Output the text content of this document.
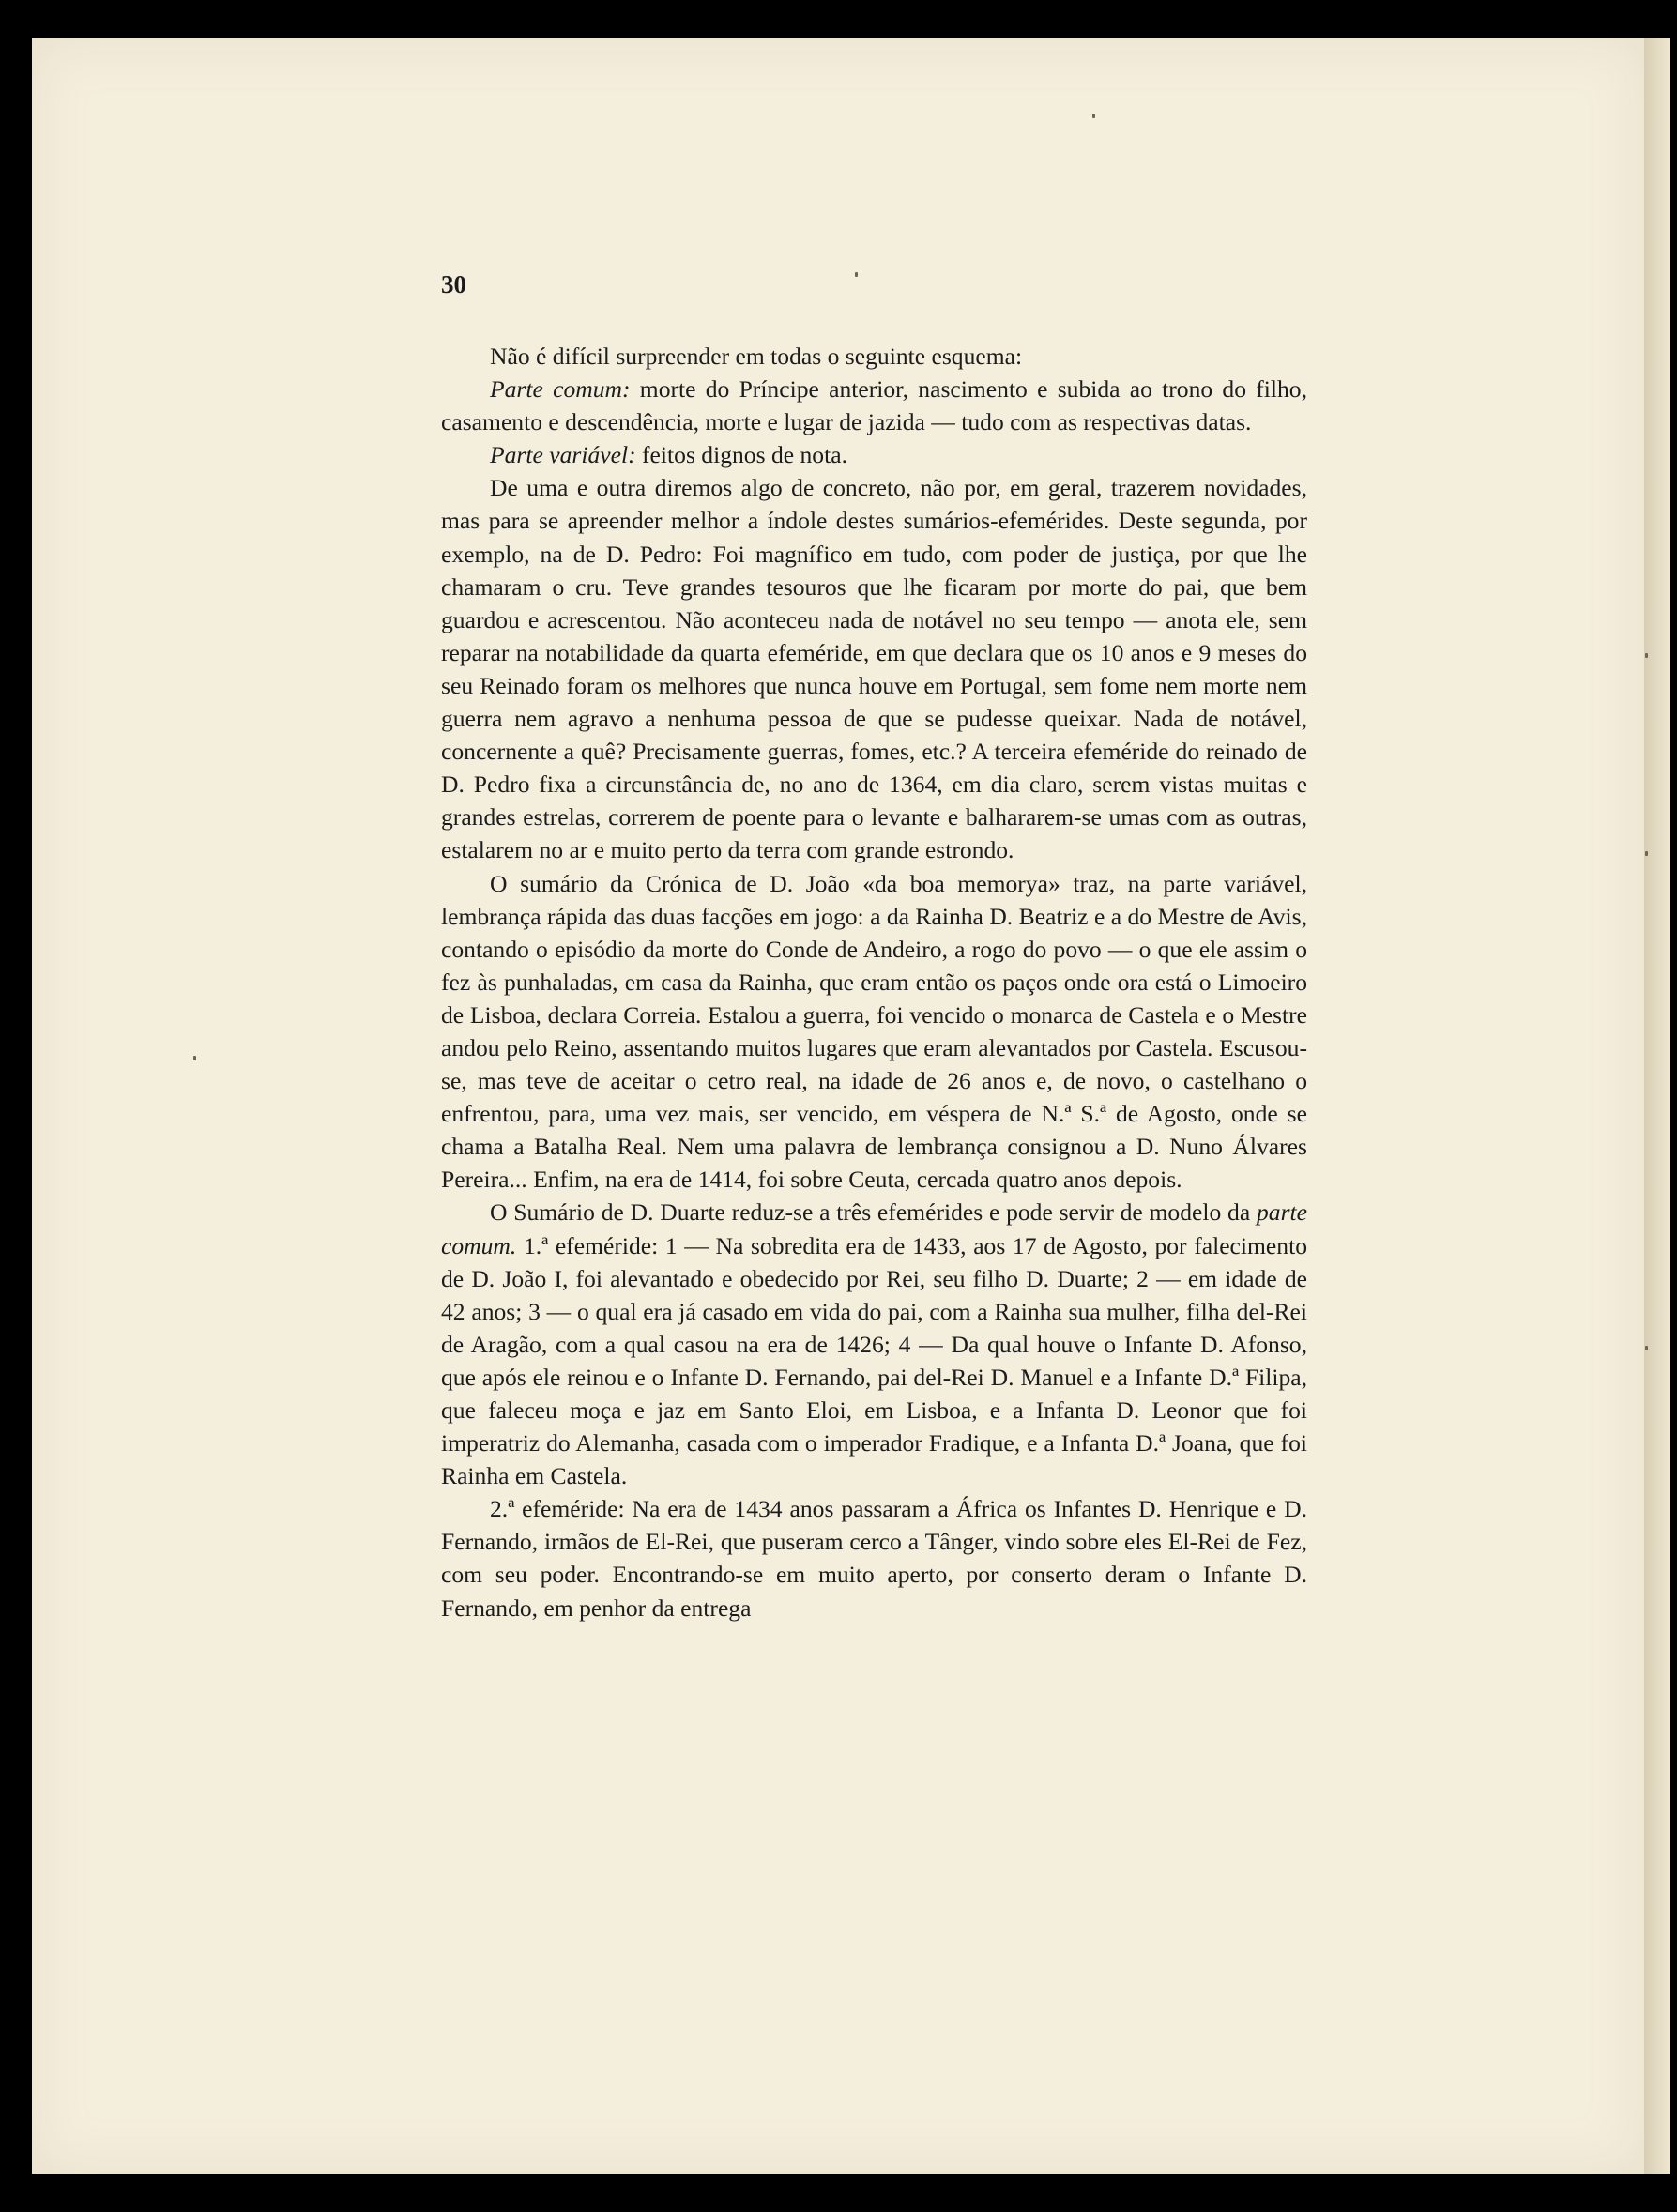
30

Não é difícil surpreender em todas o seguinte esquema:

Parte comum: morte do Príncipe anterior, nascimento e subida ao trono do filho, casamento e descendência, morte e lugar de jazida — tudo com as respectivas datas.

Parte variável: feitos dignos de nota.

De uma e outra diremos algo de concreto, não por, em geral, trazerem novidades, mas para se apreender melhor a índole destes sumários-efemérides. Deste segunda, por exemplo, na de D. Pedro: Foi magnífico em tudo, com poder de justiça, por que lhe chamaram o cru. Teve grandes tesouros que lhe ficaram por morte do pai, que bem guardou e acrescentou. Não aconteceu nada de notável no seu tempo — anota ele, sem reparar na notabilidade da quarta efeméride, em que declara que os 10 anos e 9 meses do seu Reinado foram os melhores que nunca houve em Portugal, sem fome nem morte nem guerra nem agravo a nenhuma pessoa de que se pudesse queixar. Nada de notável, concernente a quê? Precisamente guerras, fomes, etc.? A terceira efeméride do reinado de D. Pedro fixa a circunstância de, no ano de 1364, em dia claro, serem vistas muitas e grandes estrelas, correrem de poente para o levante e balhararem-se umas com as outras, estalarem no ar e muito perto da terra com grande estrondo.

O sumário da Crónica de D. João «da boa memorya» traz, na parte variável, lembrança rápida das duas facções em jogo: a da Rainha D. Beatriz e a do Mestre de Avis, contando o episódio da morte do Conde de Andeiro, a rogo do povo — o que ele assim o fez às punhaladas, em casa da Rainha, que eram então os paços onde ora está o Limoeiro de Lisboa, declara Correia. Estalou a guerra, foi vencido o monarca de Castela e o Mestre andou pelo Reino, assentando muitos lugares que eram alevantados por Castela. Escusou-se, mas teve de aceitar o cetro real, na idade de 26 anos e, de novo, o castelhano o enfrentou, para, uma vez mais, ser vencido, em véspera de N.ª S.ª de Agosto, onde se chama a Batalha Real. Nem uma palavra de lembrança consignou a D. Nuno Álvares Pereira... Enfim, na era de 1414, foi sobre Ceuta, cercada quatro anos depois.

O Sumário de D. Duarte reduz-se a três efemérides e pode servir de modelo da parte comum. 1.ª efeméride: 1 — Na sobredita era de 1433, aos 17 de Agosto, por falecimento de D. João I, foi alevantado e obedecido por Rei, seu filho D. Duarte; 2 — em idade de 42 anos; 3 — o qual era já casado em vida do pai, com a Rainha sua mulher, filha del-Rei de Aragão, com a qual casou na era de 1426; 4 — Da qual houve o Infante D. Afonso, que após ele reinou e o Infante D. Fernando, pai del-Rei D. Manuel e a Infante D.ª Filipa, que faleceu moça e jaz em Santo Eloi, em Lisboa, e a Infanta D. Leonor que foi imperatriz do Alemanha, casada com o imperador Fradique, e a Infanta D.ª Joana, que foi Rainha em Castela.

2.ª efeméride: Na era de 1434 anos passaram a África os Infantes D. Henrique e D. Fernando, irmãos de El-Rei, que puseram cerco a Tânger, vindo sobre eles El-Rei de Fez, com seu poder. Encontrando-se em muito aperto, por conserto deram o Infante D. Fernando, em penhor da entrega
